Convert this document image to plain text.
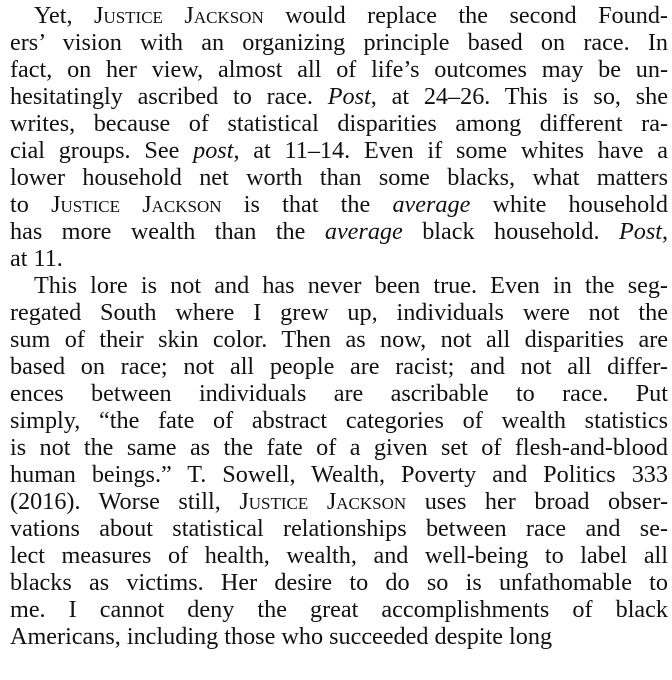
Yet, Justice Jackson would replace the second Found-
ers’ vision with an organizing principle based on race. In
fact, on her view, almost all of life’s outcomes may be un-
hesitatingly ascribed to race. Post, at 24–26. This is so, she
writes, because of statistical disparities among different ra-
cial groups. See post, at 11–14. Even if some whites have a
lower household net worth than some blacks, what matters
to Justice Jackson is that the average white household
has more wealth than the average black household. Post,
at 11.
This lore is not and has never been true. Even in the seg-
regated South where I grew up, individuals were not the
sum of their skin color. Then as now, not all disparities are
based on race; not all people are racist; and not all differ-
ences between individuals are ascribable to race. Put
simply, “the fate of abstract categories of wealth statistics
is not the same as the fate of a given set of flesh-and-blood
human beings.” T. Sowell, Wealth, Poverty and Politics 333
(2016). Worse still, Justice Jackson uses her broad obser-
vations about statistical relationships between race and se-
lect measures of health, wealth, and well-being to label all
blacks as victims. Her desire to do so is unfathomable to
me. I cannot deny the great accomplishments of black
Americans, including those who succeeded despite long
